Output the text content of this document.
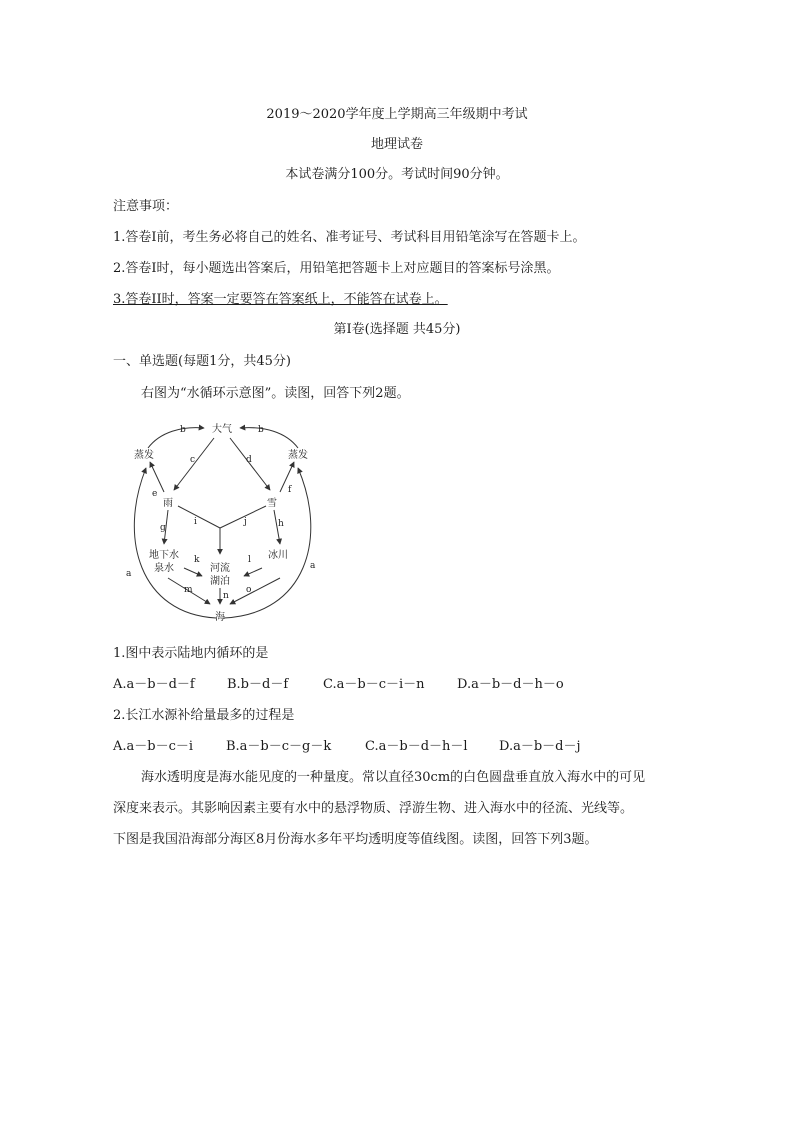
2019～2020学年度上学期高三年级期中考试
地理试卷
本试卷满分100分。考试时间90分钟。
注意事项：
1.答卷I前，考生务必将自己的姓名、准考证号、考试科目用铅笔涂写在答题卡上。
2.答卷I时，每小题选出答案后，用铅笔把答题卡上对应题目的答案标号涂黑。
3.答卷II时，答案一定要答在答案纸上，不能答在试卷上。
第I卷(选择题 共45分)
一、单选题(每题1分，共45分)
右图为“水循环示意图”。读图，回答下列2题。
大气
蒸发	蒸发
雨	雪
地下水
泉水	河流
湖泊
冰川
海
b	b
c	d
e	f
g	h
i	j
k	l
m
n
o
a
a
1.图中表示陆地内循环的是
A.a－b－d－f B.b－d－f	C.a－b－c－i－n	D.a－b－d－h－o
2.长江水源补给量最多的过程是
A.a－b－c－i	B.a－b－c－g－k	C.a－b－d－h－l D.a－b－d－j
海水透明度是海水能见度的一种量度。常以直径30cm的白色圆盘垂直放入海水中的可见
深度来表示。其影响因素主要有水中的悬浮物质、浮游生物、进入海水中的径流、光线等。
下图是我国沿海部分海区8月份海水多年平均透明度等值线图。读图，回答下列3题。
